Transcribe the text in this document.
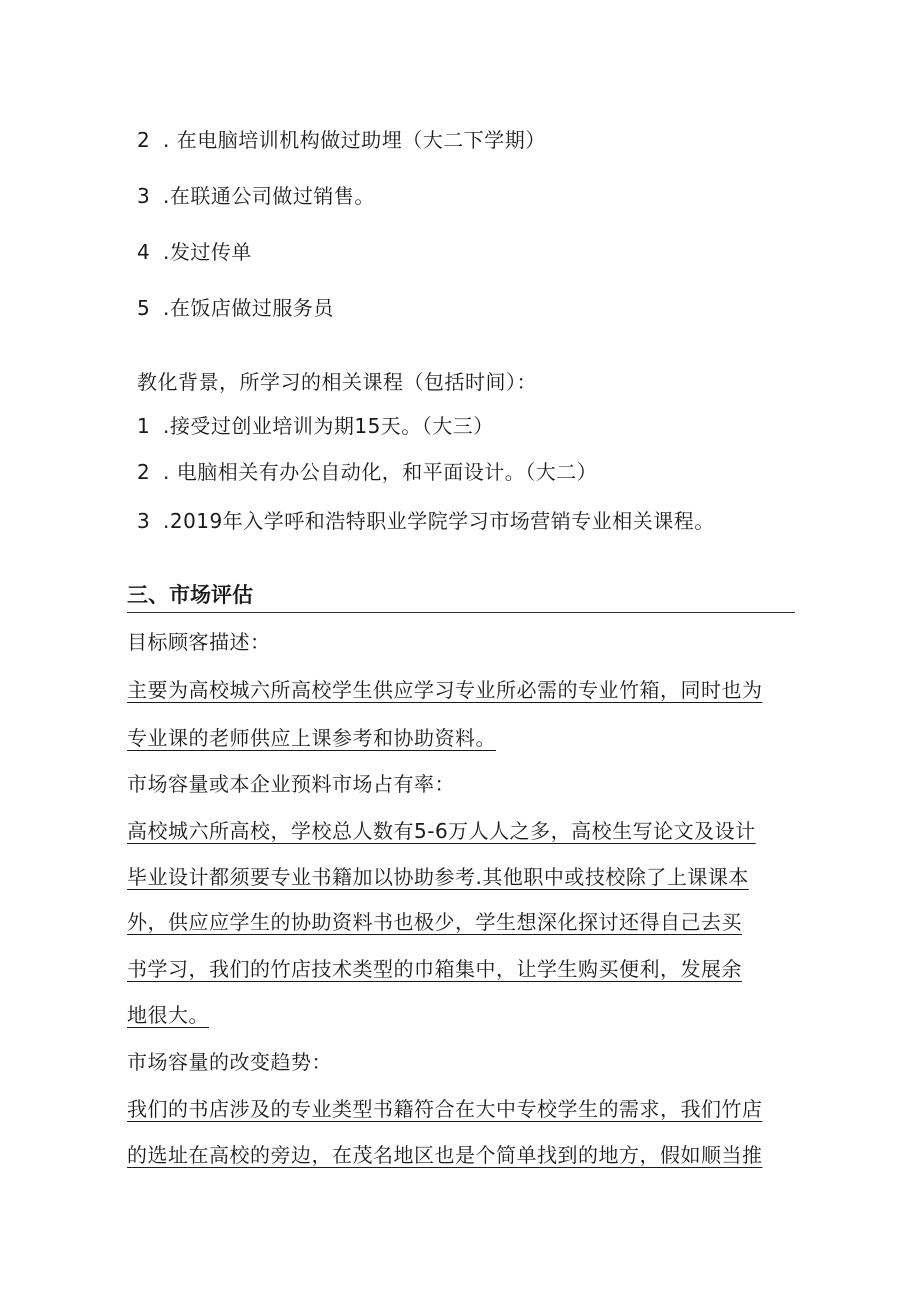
2 . 在电脑培训机构做过助埋（大二下学期）
3 .在联通公司做过销售。
4 .发过传单
5 .在饭店做过服务员
教化背景，所学习的相关课程（包括时间）：
1 .接受过创业培训为期15天。（大三）
2 . 电脑相关有办公自动化，和平面设计。（大二）
3 .2019年入学呼和浩特职业学院学习市场营销专业相关课程。
三、市场评估
目标顾客描述：
主要为高校城六所高校学生供应学习专业所必需的专业竹箱，同时也为
专业课的老师供应上课参考和协助资料。
市场容量或本企业预料市场占有率：
高校城六所高校，学校总人数有5-6万人人之多，高校生写论文及设计
毕业设计都须要专业书籍加以协助参考.其他职中或技校除了上课课本
外，供应应学生的协助资料书也极少，学生想深化探讨还得自己去买
书学习，我们的竹店技术类型的巾箱集中，让学生购买便利，发展余
地很大。
市场容量的改变趋势：
我们的书店涉及的专业类型书籍符合在大中专校学生的需求，我们竹店
的选址在高校的旁边，在茂名地区也是个简单找到的地方，假如顺当推
